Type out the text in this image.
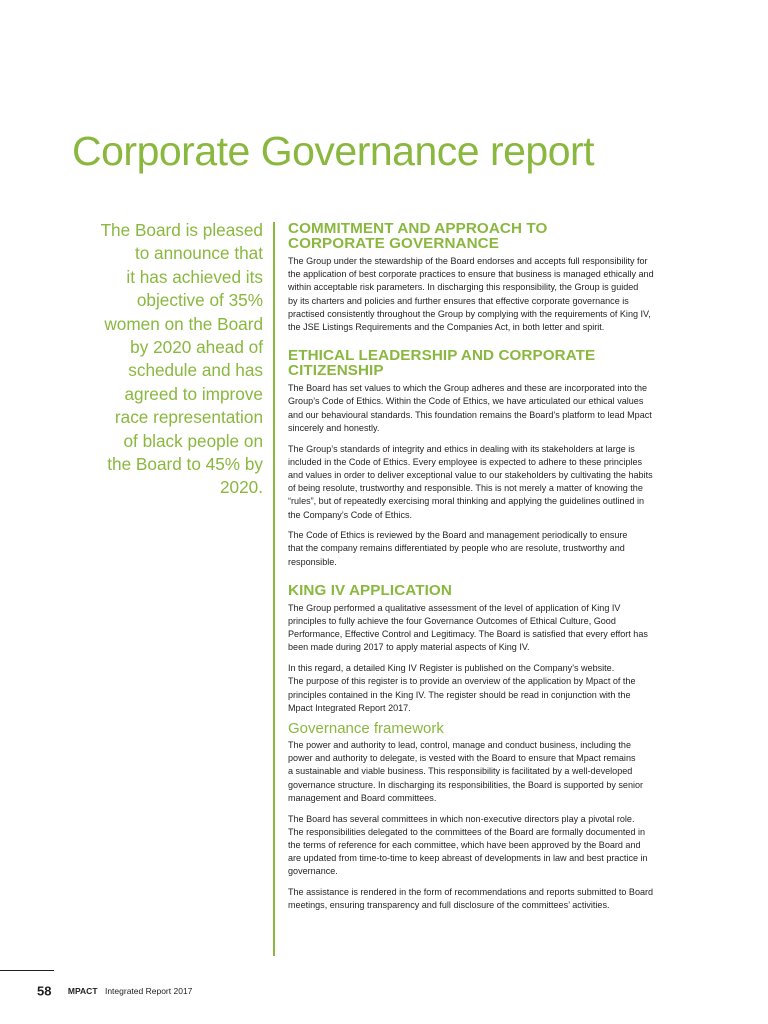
Corporate Governance report
The Board is pleased
to announce that
it has achieved its
objective of 35%
women on the Board
by 2020 ahead of
schedule and has
agreed to improve
race representation
of black people on
the Board to 45% by
2020.
COMMITMENT AND APPROACH TO
CORPORATE GOVERNANCE

The Group under the stewardship of the Board endorses and accepts full responsibility for
the application of best corporate practices to ensure that business is managed ethically and
within acceptable risk parameters. In discharging this responsibility, the Group is guided
by its charters and policies and further ensures that effective corporate governance is
practised consistently throughout the Group by complying with the requirements of King IV,
the JSE Listings Requirements and the Companies Act, in both letter and spirit.

ETHICAL LEADERSHIP AND CORPORATE
CITIZENSHIP

The Board has set values to which the Group adheres and these are incorporated into the
Group’s Code of Ethics. Within the Code of Ethics, we have articulated our ethical values
and our behavioural standards. This foundation remains the Board’s platform to lead Mpact
sincerely and honestly.

The Group’s standards of integrity and ethics in dealing with its stakeholders at large is
included in the Code of Ethics. Every employee is expected to adhere to these principles
and values in order to deliver exceptional value to our stakeholders by cultivating the habits
of being resolute, trustworthy and responsible. This is not merely a matter of knowing the
“rules”, but of repeatedly exercising moral thinking and applying the guidelines outlined in
the Company’s Code of Ethics.

The Code of Ethics is reviewed by the Board and management periodically to ensure
that the company remains differentiated by people who are resolute, trustworthy and
responsible.

KING IV APPLICATION

The Group performed a qualitative assessment of the level of application of King IV
principles to fully achieve the four Governance Outcomes of Ethical Culture, Good
Performance, Effective Control and Legitimacy. The Board is satisfied that every effort has
been made during 2017 to apply material aspects of King IV.

In this regard, a detailed King IV Register is published on the Company’s website.
The purpose of this register is to provide an overview of the application by Mpact of the
principles contained in the King IV. The register should be read in conjunction with the
Mpact Integrated Report 2017.

Governance framework

The power and authority to lead, control, manage and conduct business, including the
power and authority to delegate, is vested with the Board to ensure that Mpact remains
a sustainable and viable business. This responsibility is facilitated by a well-developed
governance structure. In discharging its responsibilities, the Board is supported by senior
management and Board committees.

The Board has several committees in which non-executive directors play a pivotal role.
The responsibilities delegated to the committees of the Board are formally documented in
the terms of reference for each committee, which have been approved by the Board and
are updated from time-to-time to keep abreast of developments in law and best practice in
governance.

The assistance is rendered in the form of recommendations and reports submitted to Board
meetings, ensuring transparency and full disclosure of the committees’ activities.

58 MPACT Integrated Report 2017
